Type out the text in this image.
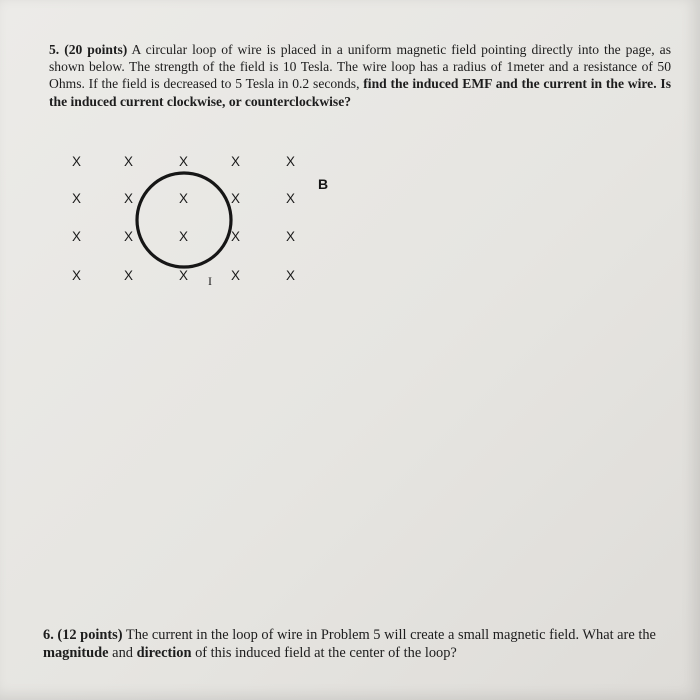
5. (20 points) A circular loop of wire is placed in a uniform magnetic field pointing directly into the page, as shown below. The strength of the field is 10 Tesla. The wire loop has a radius of 1meter and a resistance of 50 Ohms. If the field is decreased to 5 Tesla in 0.2 seconds, find the induced EMF and the current in the wire. Is the induced current clockwise, or counterclockwise?
X	X	X	X	X
X	X	X	X	X
X	X	X	X	X
X	X	X	X	X
B
I
6. (12 points) The current in the loop of wire in Problem 5 will create a small magnetic field. What are the magnitude and direction of this induced field at the center of the loop?
